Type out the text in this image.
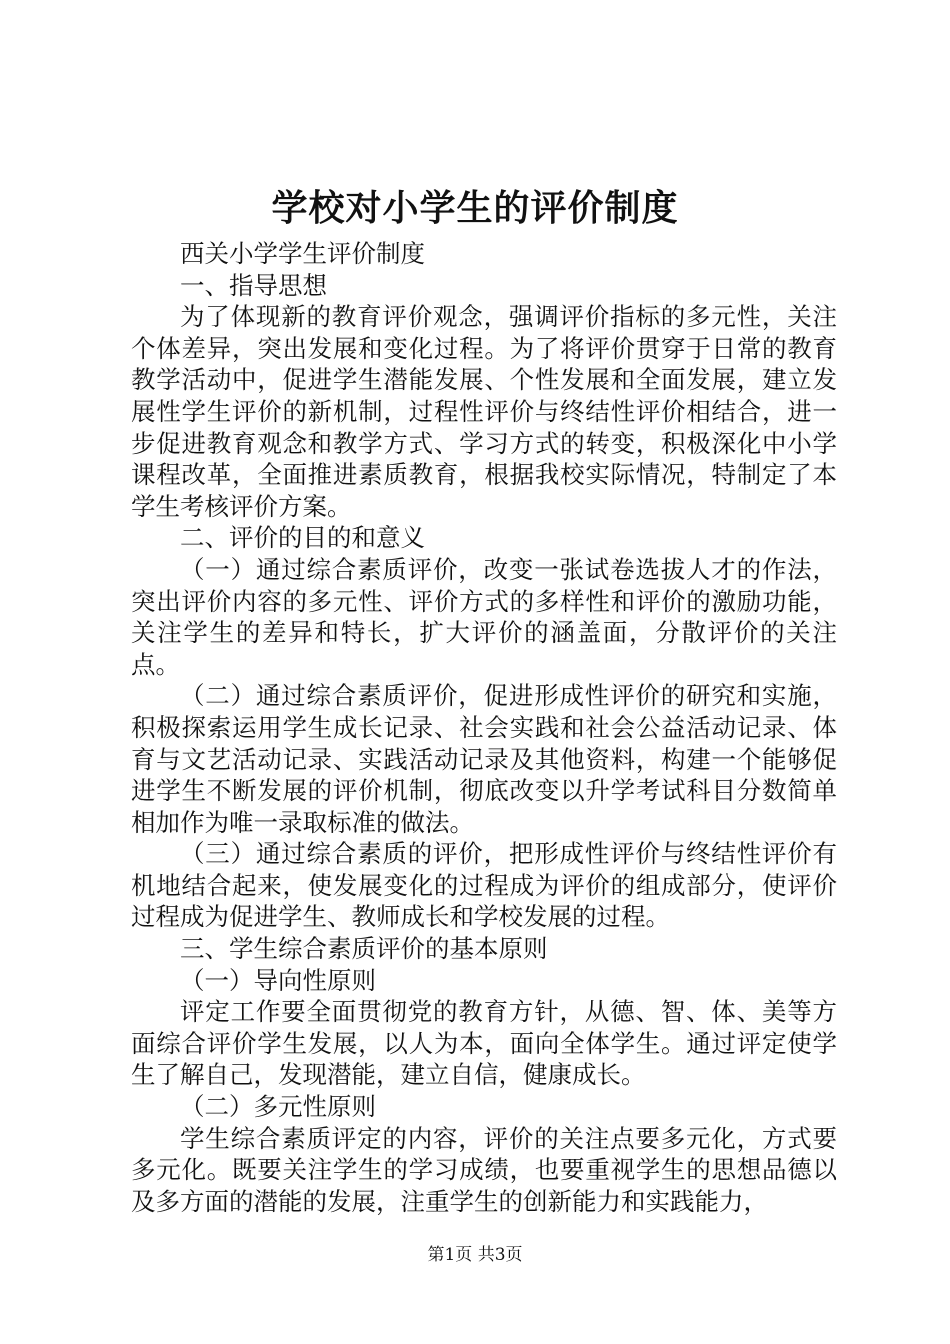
学校对小学生的评价制度

西关小学学生评价制度

一、指导思想

为了体现新的教育评价观念，强调评价指标的多元性，关注个体差异，突出发展和变化过程。为了将评价贯穿于日常的教育教学活动中，促进学生潜能发展、个性发展和全面发展，建立发展性学生评价的新机制，过程性评价与终结性评价相结合，进一步促进教育观念和教学方式、学习方式的转变，积极深化中小学课程改革，全面推进素质教育，根据我校实际情况，特制定了本学生考核评价方案。

二、评价的目的和意义

（一）通过综合素质评价，改变一张试卷选拔人才的作法，突出评价内容的多元性、评价方式的多样性和评价的激励功能，关注学生的差异和特长，扩大评价的涵盖面，分散评价的关注点。

（二）通过综合素质评价，促进形成性评价的研究和实施，积极探索运用学生成长记录、社会实践和社会公益活动记录、体育与文艺活动记录、实践活动记录及其他资料，构建一个能够促进学生不断发展的评价机制，彻底改变以升学考试科目分数简单相加作为唯一录取标准的做法。

（三）通过综合素质的评价，把形成性评价与终结性评价有机地结合起来，使发展变化的过程成为评价的组成部分，使评价过程成为促进学生、教师成长和学校发展的过程。

三、学生综合素质评价的基本原则

（一）导向性原则

评定工作要全面贯彻党的教育方针，从德、智、体、美等方面综合评价学生发展，以人为本，面向全体学生。通过评定使学生了解自己，发现潜能，建立自信，健康成长。

（二）多元性原则

学生综合素质评定的内容，评价的关注点要多元化，方式要多元化。既要关注学生的学习成绩，也要重视学生的思想品德以及多方面的潜能的发展，注重学生的创新能力和实践能力，

第1页 共3页
